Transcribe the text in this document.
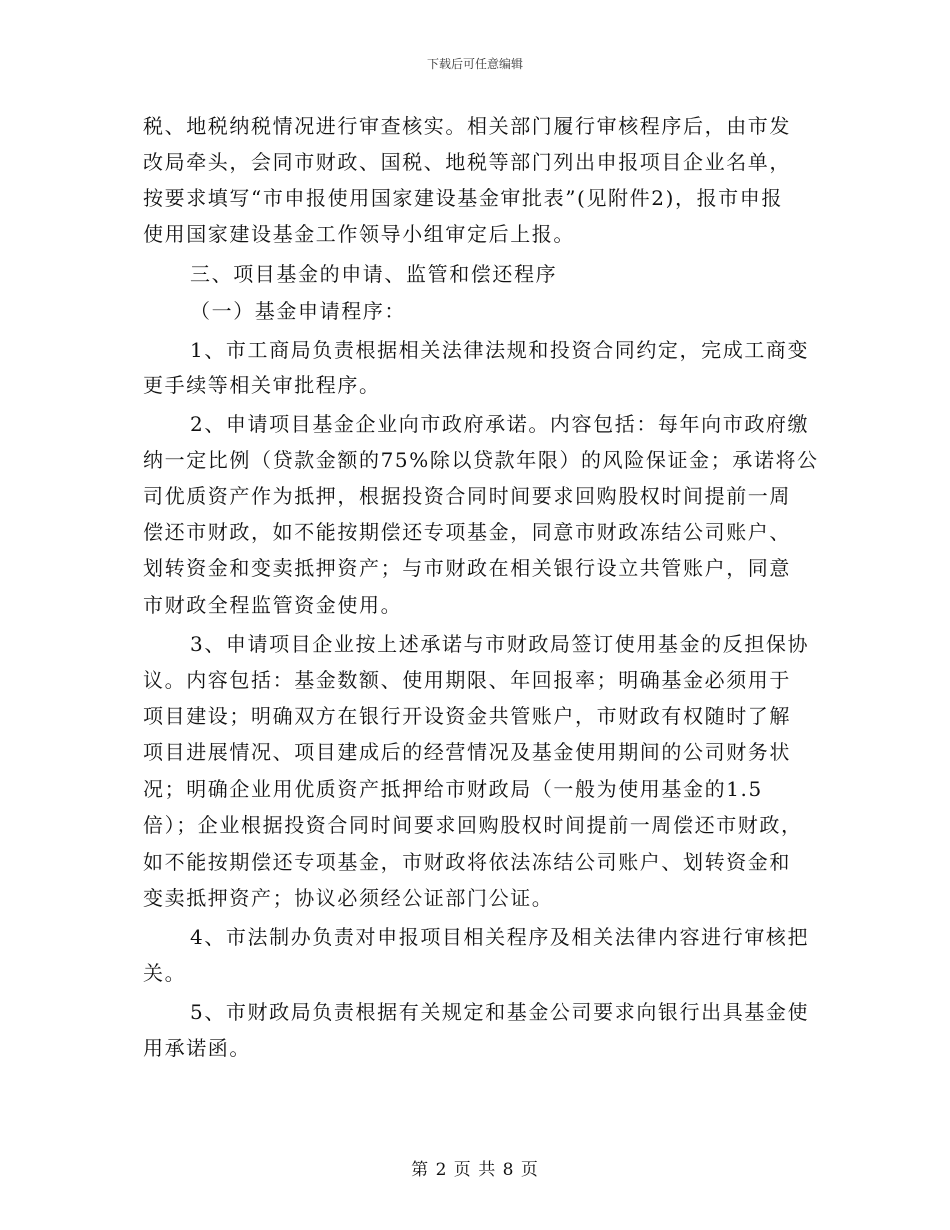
下载后可任意编辑
税、地税纳税情况进行审查核实。相关部门履行审核程序后，由市发
改局牵头，会同市财政、国税、地税等部门列出申报项目企业名单，
按要求填写“市申报使用国家建设基金审批表”(见附件2)，报市申报
使用国家建设基金工作领导小组审定后上报。
三、项目基金的申请、监管和偿还程序
（一）基金申请程序：
1、市工商局负责根据相关法律法规和投资合同约定，完成工商变
更手续等相关审批程序。
2、申请项目基金企业向市政府承诺。内容包括：每年向市政府缴
纳一定比例（贷款金额的75%除以贷款年限）的风险保证金；承诺将公
司优质资产作为抵押，根据投资合同时间要求回购股权时间提前一周
偿还市财政，如不能按期偿还专项基金，同意市财政冻结公司账户、
划转资金和变卖抵押资产；与市财政在相关银行设立共管账户，同意
市财政全程监管资金使用。
3、申请项目企业按上述承诺与市财政局签订使用基金的反担保协
议。内容包括：基金数额、使用期限、年回报率；明确基金必须用于
项目建设；明确双方在银行开设资金共管账户，市财政有权随时了解
项目进展情况、项目建成后的经营情况及基金使用期间的公司财务状
况；明确企业用优质资产抵押给市财政局（一般为使用基金的1.5
倍）；企业根据投资合同时间要求回购股权时间提前一周偿还市财政，
如不能按期偿还专项基金，市财政将依法冻结公司账户、划转资金和
变卖抵押资产；协议必须经公证部门公证。
4、市法制办负责对申报项目相关程序及相关法律内容进行审核把
关。
5、市财政局负责根据有关规定和基金公司要求向银行出具基金使
用承诺函。
第 2 页 共 8 页
